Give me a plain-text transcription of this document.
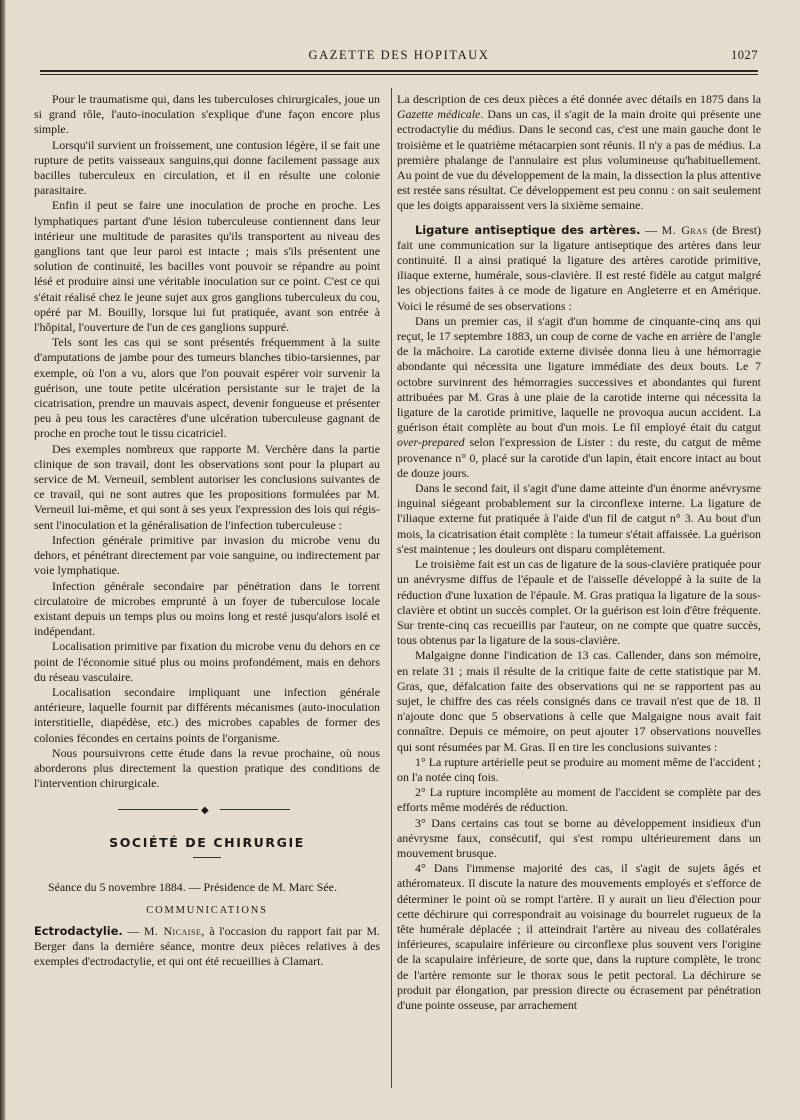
GAZETTE DES HOPITAUX	1027

Pour le traumatisme qui, dans les tuberculoses chirurgicales, joue un si grand rôle, l'auto-inoculation s'explique d'une façon encore plus simple.

Lorsqu'il survient un froissement, une contusion légère, il se fait une rupture de petits vaisseaux sanguins,qui donne facilement passage aux bacilles tuberculeux en circulation, et il en résulte une colonie parasitaire.

Enfin il peut se faire une inoculation de proche en proche. Les lymphatiques partant d'une lésion tuberculeuse contiennent dans leur intérieur une multitude de parasites qu'ils transportent au niveau des ganglions tant que leur paroi est intacte ; mais s'ils présentent une solution de continuité, les bacilles vont pouvoir se répandre au point lésé et produire ainsi une véritable inoculation sur ce point. C'est ce qui s'était réalisé chez le jeune sujet aux gros ganglions tuberculeux du cou, opéré par M. Bouilly, lorsque lui fut pratiquée, avant son entrée à l'hôpital, l'ouverture de l'un de ces ganglions suppuré.

Tels sont les cas qui se sont présentés fréquemment à la suite d'amputations de jambe pour des tumeurs blanches tibio-tarsiennes, par exemple, où l'on a vu, alors que l'on pouvait espérer voir survenir la guérison, une toute petite ulcération persistante sur le trajet de la cicatrisation, prendre un mauvais aspect, devenir fongueuse et présenter peu à peu tous les caractères d'une ulcération tuberculeuse gagnant de proche en proche tout le tissu cicatriciel.

Des exemples nombreux que rapporte M. Verchère dans la partie clinique de son travail, dont les observations sont pour la plupart au service de M. Verneuil, semblent autoriser les conclusions suivantes de ce travail, qui ne sont autres que les propositions formulées par M. Verneuil lui-même, et qui sont à ses yeux l'expression des lois qui régissent l'inoculation et la généralisation de l'infection tuberculeuse :

Infection générale primitive par invasion du microbe venu du dehors, et pénétrant directement par voie sanguine, ou indirectement par voie lymphatique.

Infection générale secondaire par pénétration dans le torrent circulatoire de microbes emprunté à un foyer de tuberculose locale existant depuis un temps plus ou moins long et resté jusqu'alors isolé et indépendant.

Localisation primitive par fixation du microbe venu du dehors en ce point de l'économie situé plus ou moins profondément, mais en dehors du réseau vasculaire.

Localisation secondaire impliquant une infection générale antérieure, laquelle fournit par différents mécanismes (auto-inoculation interstitielle, diapédèse, etc.) des microbes capables de former des colonies fécondes en certains points de l'organisme.

Nous poursuivrons cette étude dans la revue prochaine, où nous aborderons plus directement la question pratique des conditions de l'intervention chirurgicale.

◆
SOCIÉTÉ DE CHIRURGIE

Séance du 5 novembre 1884. — Présidence de M. Marc Sée.

COMMUNICATIONS

Ectrodactylie. — M. Nicaise, à l'occasion du rapport fait par M. Berger dans la dernière séance, montre deux pièces relatives à des exemples d'ectrodactylie, et qui ont été recueillies à Clamart.

La description de ces deux pièces a été donnée avec détails en 1875 dans la Gazette médicale. Dans un cas, il s'agit de la main droite qui présente une ectrodactylie du médius. Dans le second cas, c'est une main gauche dont le troisième et le quatrième métacarpien sont réunis. Il n'y a pas de médius. La première phalange de l'annulaire est plus volumineuse qu'habituellement. Au point de vue du développement de la main, la dissection la plus attentive est restée sans résultat. Ce développement est peu connu : on sait seulement que les doigts apparaissent vers la sixième semaine.

Ligature antiseptique des artères. — M. Gras (de Brest) fait une communication sur la ligature antiseptique des artères dans leur continuité. Il a ainsi pratiqué la ligature des artères carotide primitive, iliaque externe, humérale, sous-clavière. Il est resté fidèle au catgut malgré les objections faites à ce mode de ligature en Angleterre et en Amérique. Voici le résumé de ses observations :

Dans un premier cas, il s'agit d'un homme de cinquante-cinq ans qui reçut, le 17 septembre 1883, un coup de corne de vache en arrière de l'angle de la mâchoire. La carotide externe divisée donna lieu à une hémorragie abondante qui nécessita une ligature immédiate des deux bouts. Le 7 octobre survinrent des hémorragies successives et abondantes qui furent attribuées par M. Gras à une plaie de la carotide interne qui nécessita la ligature de la carotide primitive, laquelle ne provoqua aucun accident. La guérison était complète au bout d'un mois. Le fil employé était du catgut over-prepared selon l'expression de Lister : du reste, du catgut de même provenance n° 0, placé sur la carotide d'un lapin, était encore intact au bout de douze jours.

Dans le second fait, il s'agit d'une dame atteinte d'un énorme anévrysme inguinal siégeant probablement sur la circonflexe interne. La ligature de l'iliaque externe fut pratiquée à l'aide d'un fil de catgut n° 3. Au bout d'un mois, la cicatrisation était complète : la tumeur s'était affaissée. La guérison s'est maintenue ; les douleurs ont disparu complètement.

Le troisième fait est un cas de ligature de la sous-clavière pratiquée pour un anévrysme diffus de l'épaule et de l'aisselle développé à la suite de la réduction d'une luxation de l'épaule. M. Gras pratiqua la ligature de la sous-clavière et obtint un succès complet. Or la guérison est loin d'être fréquente. Sur trente-cinq cas recueillis par l'auteur, on ne compte que quatre succès, tous obtenus par la ligature de la sous-clavière.

Malgaigne donne l'indication de 13 cas. Callender, dans son mémoire, en relate 31 ; mais il résulte de la critique faite de cette statistique par M. Gras, que, défalcation faite des observations qui ne se rapportent pas au sujet, le chiffre des cas réels consignés dans ce travail n'est que de 18. Il n'ajoute donc que 5 observations à celle que Malgaigne nous avait fait connaître. Depuis ce mémoire, on peut ajouter 17 observations nouvelles qui sont résumées par M. Gras. Il en tire les conclusions suivantes :

1° La rupture artérielle peut se produire au moment même de l'accident ; on l'a notée cinq fois.

2° La rupture incomplète au moment de l'accident se complète par des efforts même modérés de réduction.

3° Dans certains cas tout se borne au développement insidieux d'un anévrysme faux, consécutif, qui s'est rompu ultérieurement dans un mouvement brusque.

4° Dans l'immense majorité des cas, il s'agit de sujets âgés et athéromateux. Il discute la nature des mouvements employés et s'efforce de déterminer le point où se rompt l'artère. Il y aurait un lieu d'élection pour cette déchirure qui correspondrait au voisinage du bourrelet rugueux de la tête humérale déplacée ; il atteindrait l'artère au niveau des collatérales inférieures, scapulaire inférieure ou circonflexe plus souvent vers l'origine de la scapulaire inférieure, de sorte que, dans la rupture complète, le tronc de l'artère remonte sur le thorax sous le petit pectoral. La déchirure se produit par élongation, par pression directe ou écrasement par pénétration d'une pointe osseuse, par arrachement
